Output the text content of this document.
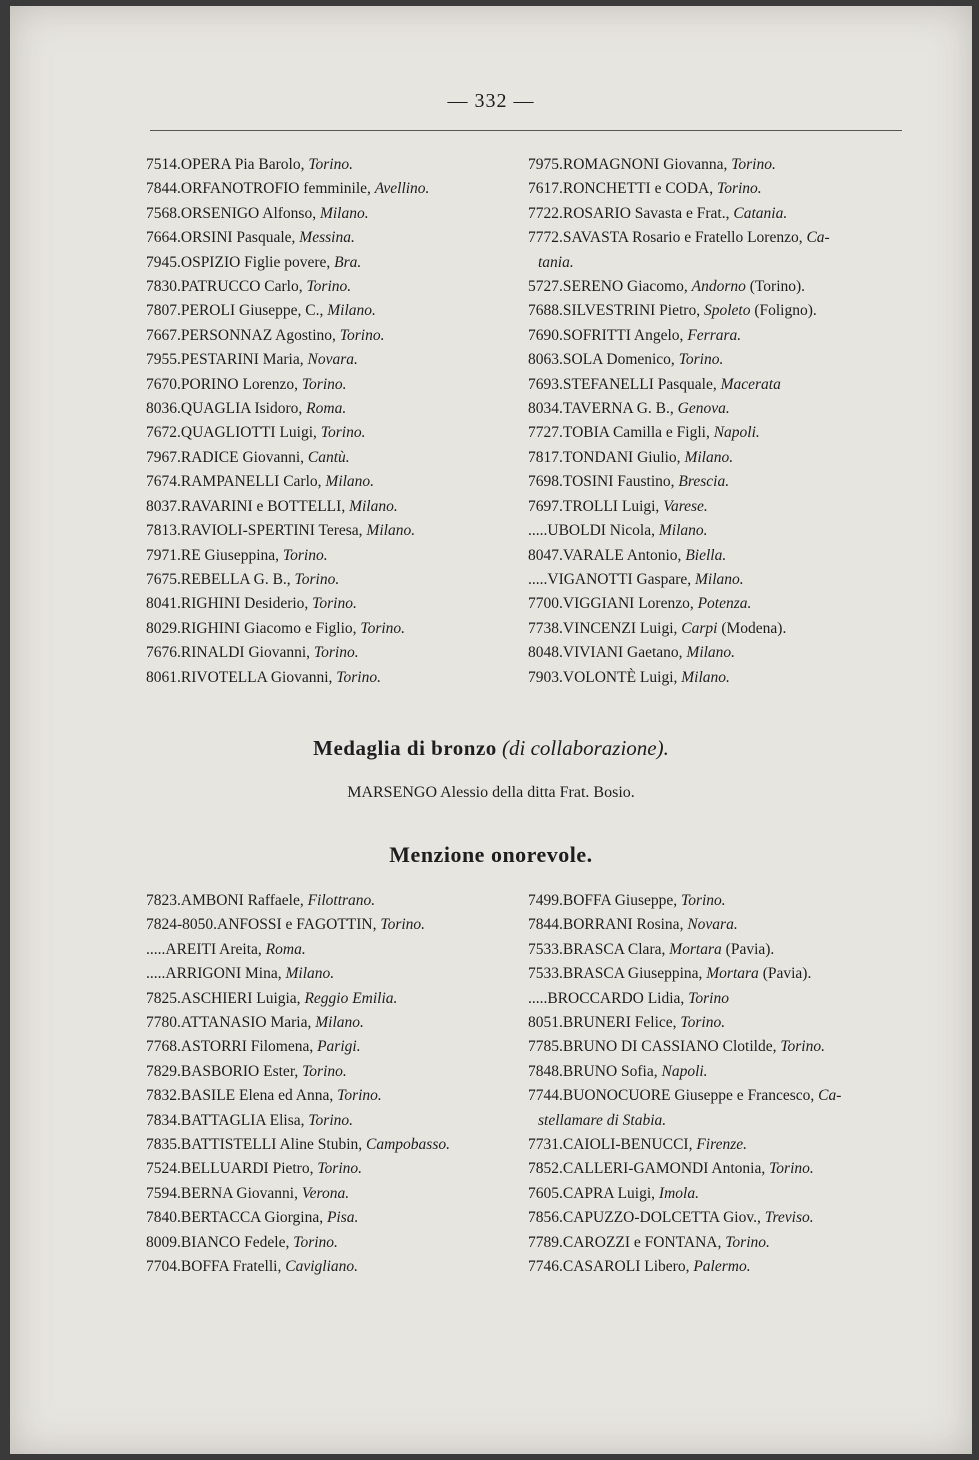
— 332 —
7514.OPERA Pia Barolo, Torino.
7844.ORFANOTROFIO femminile, Avellino.
7568.ORSENIGO Alfonso, Milano.
7664.ORSINI Pasquale, Messina.
7945.OSPIZIO Figlie povere, Bra.
7830.PATRUCCO Carlo, Torino.
7807.PEROLI Giuseppe, C., Milano.
7667.PERSONNAZ Agostino, Torino.
7955.PESTARINI Maria, Novara.
7670.PORINO Lorenzo, Torino.
8036.QUAGLIA Isidoro, Roma.
7672.QUAGLIOTTI Luigi, Torino.
7967.RADICE Giovanni, Cantù.
7674.RAMPANELLI Carlo, Milano.
8037.RAVARINI e BOTTELLI, Milano.
7813.RAVIOLI-SPERTINI Teresa, Milano.
7971.RE Giuseppina, Torino.
7675.REBELLA G. B., Torino.
8041.RIGHINI Desiderio, Torino.
8029.RIGHINI Giacomo e Figlio, Torino.
7676.RINALDI Giovanni, Torino.
8061.RIVOTELLA Giovanni, Torino.
7975.ROMAGNONI Giovanna, Torino.
7617.RONCHETTI e CODA, Torino.
7722.ROSARIO Savasta e Frat., Catania.
7772.SAVASTA Rosario e Fratello Lorenzo, Ca-
tania.
5727.SERENO Giacomo, Andorno (Torino).
7688.SILVESTRINI Pietro, Spoleto (Foligno).
7690.SOFRITTI Angelo, Ferrara.
8063.SOLA Domenico, Torino.
7693.STEFANELLI Pasquale, Macerata
8034.TAVERNA G. B., Genova.
7727.TOBIA Camilla e Figli, Napoli.
7817.TONDANI Giulio, Milano.
7698.TOSINI Faustino, Brescia.
7697.TROLLI Luigi, Varese.
.....UBOLDI Nicola, Milano.
8047.VARALE Antonio, Biella.
.....VIGANOTTI Gaspare, Milano.
7700.VIGGIANI Lorenzo, Potenza.
7738.VINCENZI Luigi, Carpi (Modena).
8048.VIVIANI Gaetano, Milano.
7903.VOLONTÈ Luigi, Milano.
Medaglia di bronzo (di collaborazione).
MARSENGO Alessio della ditta Frat. Bosio.
Menzione onorevole.
7823.AMBONI Raffaele, Filottrano.
7824-8050.ANFOSSI e FAGOTTIN, Torino.
.....AREITI Areita, Roma.
.....ARRIGONI Mina, Milano.
7825.ASCHIERI Luigia, Reggio Emilia.
7780.ATTANASIO Maria, Milano.
7768.ASTORRI Filomena, Parigi.
7829.BASBORIO Ester, Torino.
7832.BASILE Elena ed Anna, Torino.
7834.BATTAGLIA Elisa, Torino.
7835.BATTISTELLI Aline Stubin, Campobasso.
7524.BELLUARDI Pietro, Torino.
7594.BERNA Giovanni, Verona.
7840.BERTACCA Giorgina, Pisa.
8009.BIANCO Fedele, Torino.
7704.BOFFA Fratelli, Cavigliano.
7499.BOFFA Giuseppe, Torino.
7844.BORRANI Rosina, Novara.
7533.BRASCA Clara, Mortara (Pavia).
7533.BRASCA Giuseppina, Mortara (Pavia).
.....BROCCARDO Lidia, Torino
8051.BRUNERI Felice, Torino.
7785.BRUNO DI CASSIANO Clotilde, Torino.
7848.BRUNO Sofia, Napoli.
7744.BUONOCUORE Giuseppe e Francesco, Ca-
stellamare di Stabia.
7731.CAIOLI-BENUCCI, Firenze.
7852.CALLERI-GAMONDI Antonia, Torino.
7605.CAPRA Luigi, Imola.
7856.CAPUZZO-DOLCETTA Giov., Treviso.
7789.CAROZZI e FONTANA, Torino.
7746.CASAROLI Libero, Palermo.
